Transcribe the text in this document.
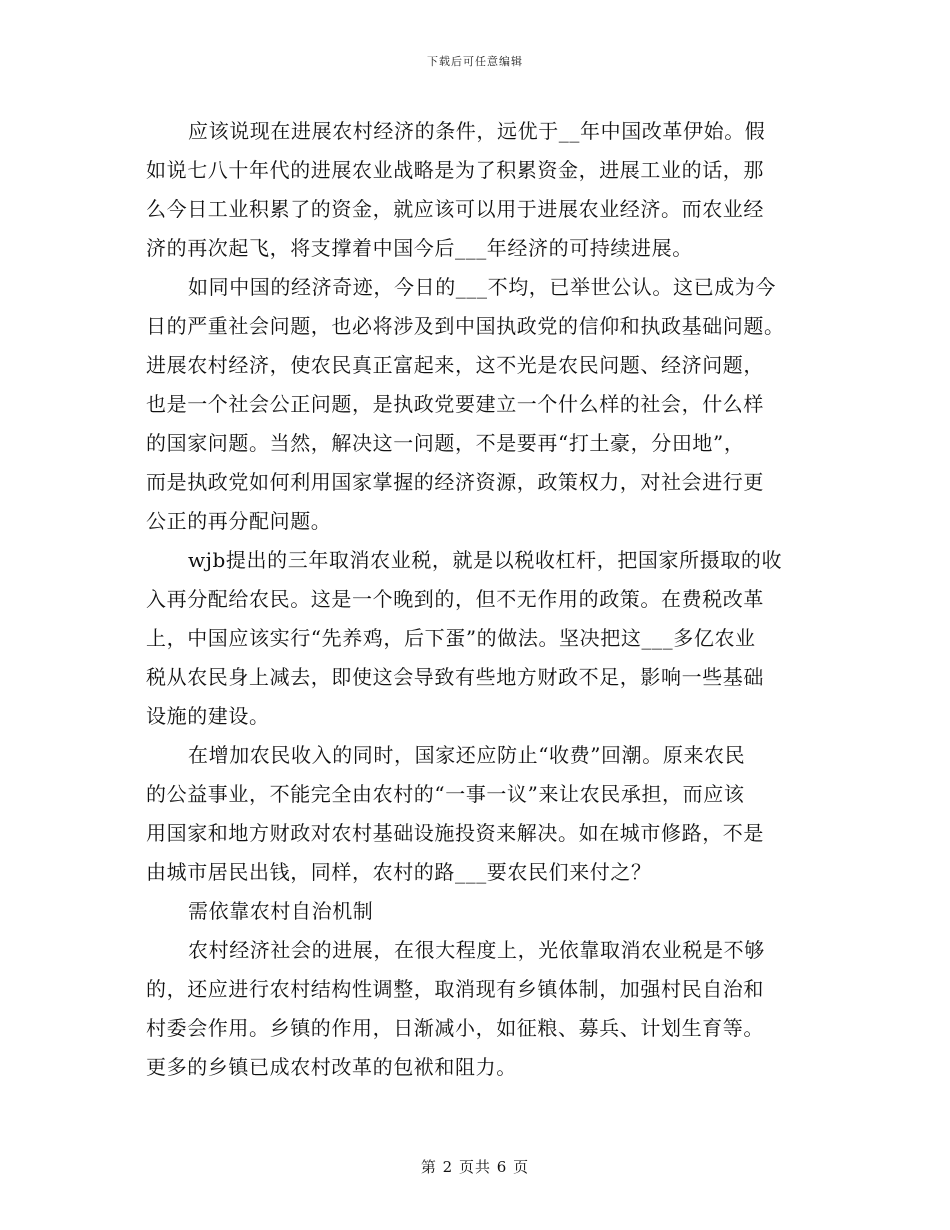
下载后可任意编辑
应该说现在进展农村经济的条件，远优于__年中国改革伊始。假
如说七八十年代的进展农业战略是为了积累资金，进展工业的话，那
么今日工业积累了的资金，就应该可以用于进展农业经济。而农业经
济的再次起飞，将支撑着中国今后___年经济的可持续进展。
如同中国的经济奇迹，今日的___不均，已举世公认。这已成为今
日的严重社会问题，也必将涉及到中国执政党的信仰和执政基础问题。
进展农村经济，使农民真正富起来，这不光是农民问题、经济问题，
也是一个社会公正问题，是执政党要建立一个什么样的社会，什么样
的国家问题。当然，解决这一问题，不是要再“打土豪，分田地”，
而是执政党如何利用国家掌握的经济资源，政策权力，对社会进行更
公正的再分配问题。
wjb提出的三年取消农业税，就是以税收杠杆，把国家所摄取的收
入再分配给农民。这是一个晚到的，但不无作用的政策。在费税改革
上，中国应该实行“先养鸡，后下蛋”的做法。坚决把这___多亿农业
税从农民身上减去，即使这会导致有些地方财政不足，影响一些基础
设施的建设。
在增加农民收入的同时，国家还应防止“收费”回潮。原来农民
的公益事业，不能完全由农村的“一事一议”来让农民承担，而应该
用国家和地方财政对农村基础设施投资来解决。如在城市修路，不是
由城市居民出钱，同样，农村的路___要农民们来付之？
需依靠农村自治机制
农村经济社会的进展，在很大程度上，光依靠取消农业税是不够
的，还应进行农村结构性调整，取消现有乡镇体制，加强村民自治和
村委会作用。乡镇的作用，日渐减小，如征粮、募兵、计划生育等。
更多的乡镇已成农村改革的包袱和阻力。
第 2 页共 6 页
